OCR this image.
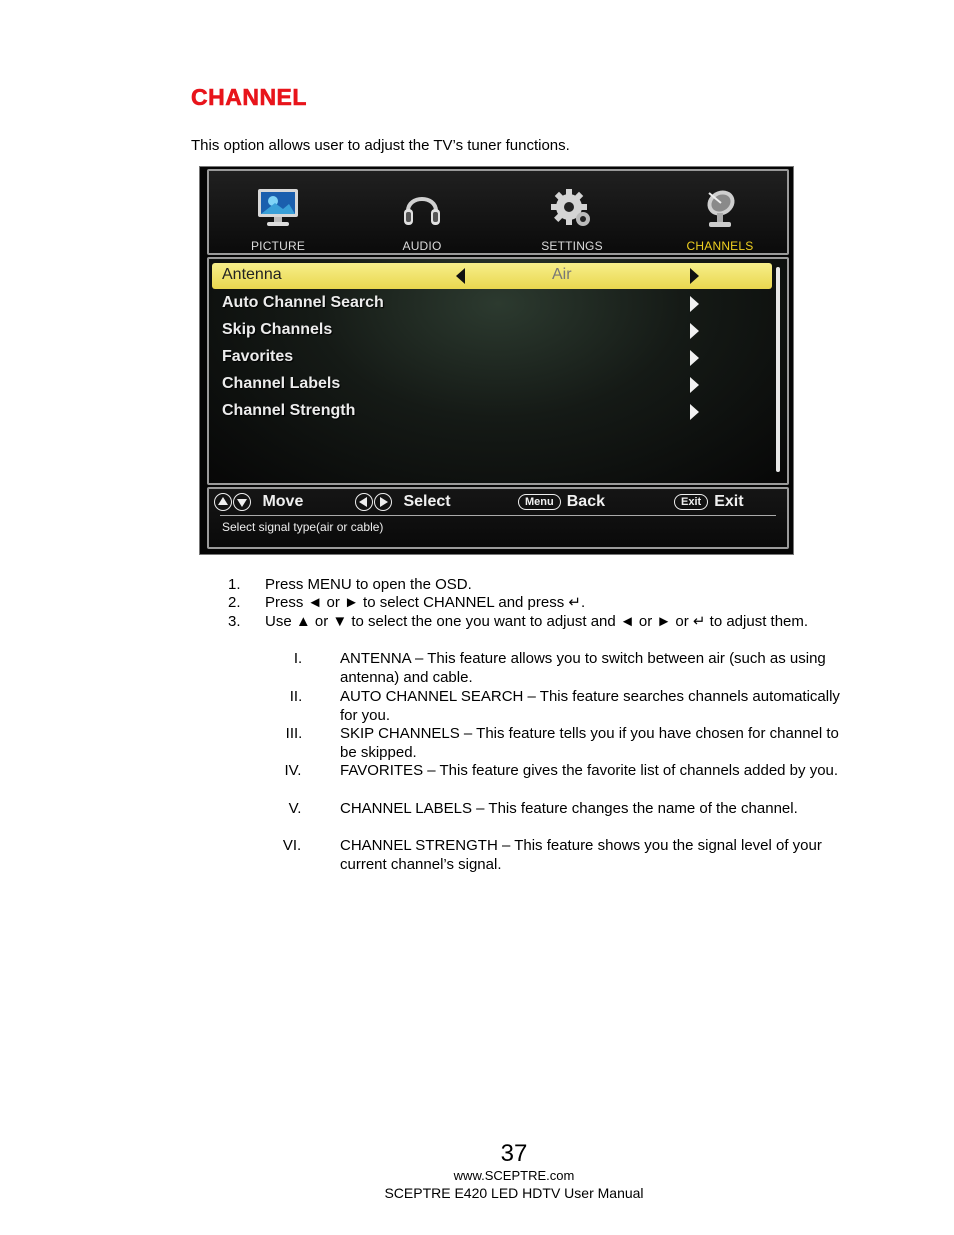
CHANNEL
This option allows user to adjust the TV’s tuner functions.
PICTURE	AUDIO	SETTINGS	CHANNELS
Antenna	Air
Auto Channel Search
Skip Channels
Favorites
Channel Labels
Channel Strength
Move	Select	Menu Back	Exit Exit
Select signal type(air or cable)
1. Press MENU to open the OSD.
2. Press ◄ or ► to select CHANNEL and press ↵.
3. Use ▲ or ▼ to select the one you want to adjust and ◄ or ► or ↵ to adjust them.
I.	ANTENNA – This feature allows you to switch between air (such as using antenna) and cable.
II.	AUTO CHANNEL SEARCH – This feature searches channels automatically for you.
III.	SKIP CHANNELS – This feature tells you if you have chosen for channel to be skipped.
IV.	FAVORITES – This feature gives the favorite list of channels added by you.
V.	CHANNEL LABELS – This feature changes the name of the channel.
VI.	CHANNEL STRENGTH – This feature shows you the signal level of your current channel’s signal.
37
www.SCEPTRE.com
SCEPTRE E420 LED HDTV User Manual
